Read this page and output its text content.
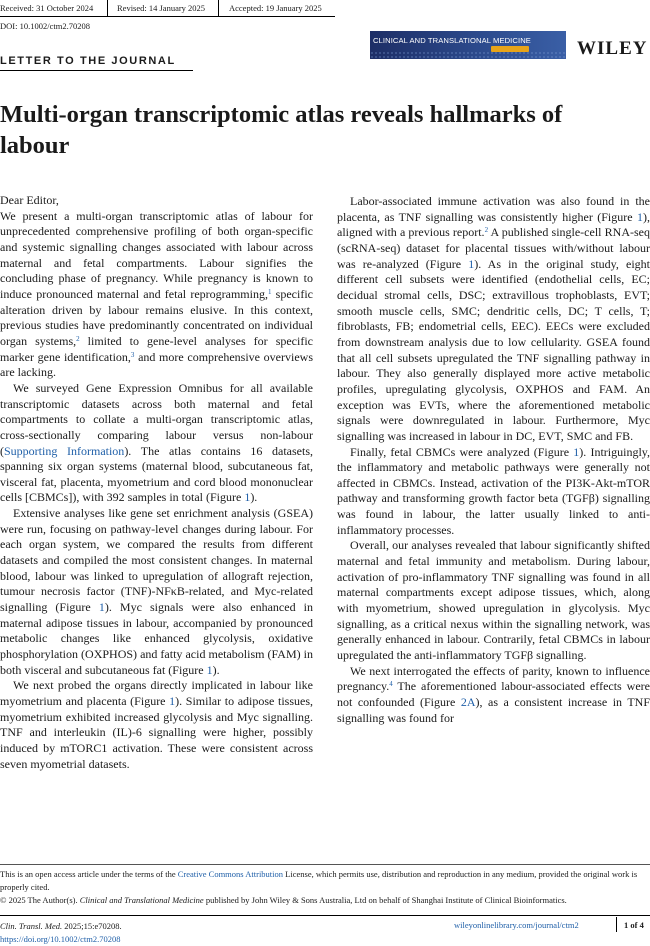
Received: 31 October 2024	Revised: 14 January 2025	Accepted: 19 January 2025
DOI: 10.1002/ctm2.70208
CLINICAL AND TRANSLATIONAL MEDICINE WILEY
LETTER TO THE JOURNAL
Multi-organ transcriptomic atlas reveals hallmarks of labour

Dear Editor,

We present a multi-organ transcriptomic atlas of labour for unprecedented comprehensive profiling of both organ-specific and systemic signalling changes associated with labour across maternal and fetal compartments. Labour signifies the concluding phase of pregnancy. While pregnancy is known to induce pronounced maternal and fetal reprogramming,$^1$ specific alteration driven by labour remains elusive. In this context, previous studies have predominantly concentrated on individual organ systems,$^2$ limited to gene-level analyses for specific marker gene identification,$^3$ and more comprehensive overviews are lacking.

We surveyed Gene Expression Omnibus for all available transcriptomic datasets across both maternal and fetal compartments to collate a multi-organ transcriptomic atlas, cross-sectionally comparing labour versus non-labour (Supporting Information). The atlas contains 16 datasets, spanning six organ systems (maternal blood, subcutaneous fat, visceral fat, placenta, myometrium and cord blood mononuclear cells [CBMCs]), with 392 samples in total (Figure 1).

Extensive analyses like gene set enrichment analysis (GSEA) were run, focusing on pathway-level changes during labour. For each organ system, we compared the results from different datasets and compiled the most consistent changes. In maternal blood, labour was linked to upregulation of allograft rejection, tumour necrosis factor (TNF)-NFκB-related, and Myc-related signalling (Figure 1). Myc signals were also enhanced in maternal adipose tissues in labour, accompanied by pronounced metabolic changes like enhanced glycolysis, oxidative phosphorylation (OXPHOS) and fatty acid metabolism (FAM) in both visceral and subcutaneous fat (Figure 1).

We next probed the organs directly implicated in labour like myometrium and placenta (Figure 1). Similar to adipose tissues, myometrium exhibited increased glycolysis and Myc signalling. TNF and interleukin (IL)-6 signalling were higher, possibly induced by mTORC1 activation. These were consistent across seven myometrial datasets.

Labor-associated immune activation was also found in the placenta, as TNF signalling was consistently higher (Figure 1), aligned with a previous report.$^2$ A published single-cell RNA-seq (scRNA-seq) dataset for placental tissues with/without labour was re-analyzed (Figure 1). As in the original study, eight different cell subsets were identified (endothelial cells, EC; decidual stromal cells, DSC; extravillous trophoblasts, EVT; smooth muscle cells, SMC; dendritic cells, DC; T cells, T; fibroblasts, FB; endometrial cells, EEC). EECs were excluded from downstream analysis due to low cellularity. GSEA found that all cell subsets upregulated the TNF signalling pathway in labour. They also generally displayed more active metabolic profiles, upregulating glycolysis, OXPHOS and FAM. An exception was EVTs, where the aforementioned metabolic signals were downregulated in labour. Furthermore, Myc signalling was increased in labour in DC, EVT, SMC and FB.

Finally, fetal CBMCs were analyzed (Figure 1). Intriguingly, the inflammatory and metabolic pathways were generally not affected in CBMCs. Instead, activation of the PI3K-Akt-mTOR pathway and transforming growth factor beta (TGFβ) signalling was found in labour, the latter usually linked to anti-inflammatory processes.

Overall, our analyses revealed that labour significantly shifted maternal and fetal immunity and metabolism. During labour, activation of pro-inflammatory TNF signalling was found in all maternal compartments except adipose tissues, which, along with myometrium, showed upregulation in glycolysis. Myc signalling, as a critical nexus within the signalling network, was generally enhanced in labour. Contrarily, fetal CBMCs in labour upregulated the anti-inflammatory TGFβ signalling.

We next interrogated the effects of parity, known to influence pregnancy.$^4$ The aforementioned labour-associated effects were not confounded (Figure 2A), as a consistent increase in TNF signalling was found for

This is an open access article under the terms of the Creative Commons Attribution License, which permits use, distribution and reproduction in any medium, provided the original work is properly cited.

© 2025 The Author(s). Clinical and Translational Medicine published by John Wiley & Sons Australia, Ltd on behalf of Shanghai Institute of Clinical Bioinformatics.

Clin. Transl. Med. 2025;15:e70208.
https://doi.org/10.1002/ctm2.70208
wileyonlinelibrary.com/journal/ctm2	1 of 4
